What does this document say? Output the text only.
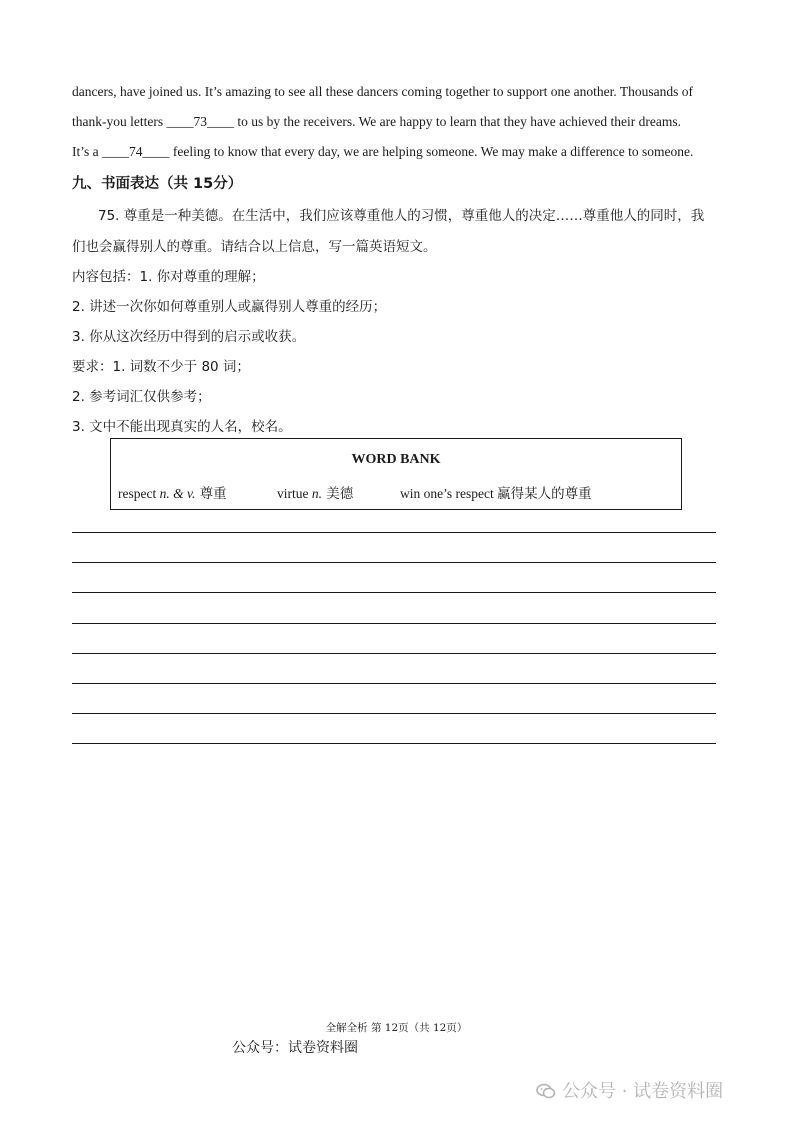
dancers, have joined us. It’s amazing to see all these dancers coming together to support one another. Thousands of
thank-you letters ____73____ to us by the receivers. We are happy to learn that they have achieved their dreams.
It’s a ____74____ feeling to know that every day, we are helping someone. We may make a difference to someone.
九、书面表达（共 15分）
75. 尊重是一种美德。在生活中，我们应该尊重他人的习惯，尊重他人的决定……尊重他人的同时，我
们也会赢得别人的尊重。请结合以上信息，写一篇英语短文。
内容包括：1. 你对尊重的理解；
2. 讲述一次你如何尊重别人或赢得别人尊重的经历；
3. 你从这次经历中得到的启示或收获。
要求：1. 词数不少于 80 词；
2. 参考词汇仅供参考；
3. 文中不能出现真实的人名，校名。
WORD BANK
respect n. & v. 尊重	virtue n. 美德	win one’s respect 赢得某人的尊重
全解全析 第 12页（共 12页）
公众号：试卷资料圈
公众号 · 试卷资料圈
